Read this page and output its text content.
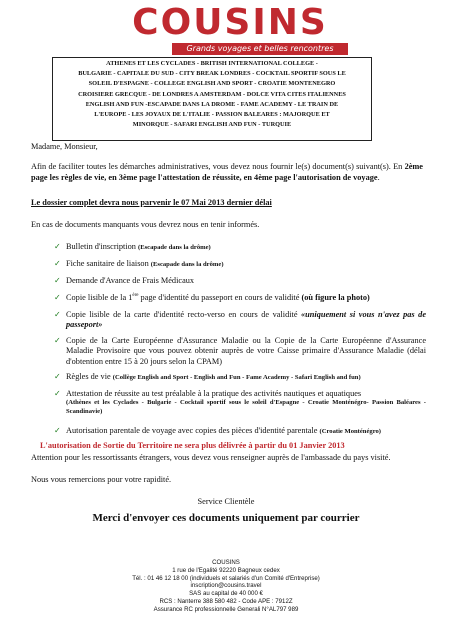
COUSINS
Grands voyages et belles rencontres
ATHENES ET LES CYCLADES - BRITISH INTERNATIONAL COLLEGE -
BULGARIE - CAPITALE DU SUD - CITY BREAK LONDRES - COCKTAIL SPORTIF SOUS LE
SOLEIL D'ESPAGNE - COLLEGE ENGLISH AND SPORT - CROATIE MONTENEGRO
CROISIERE GRECQUE - DE LONDRES A AMSTERDAM - DOLCE VITA CITES ITALIENNES
ENGLISH AND FUN -ESCAPADE DANS LA DROME - FAME ACADEMY - LE TRAIN DE
L'EUROPE - LES JOYAUX DE L'ITALIE - PASSION BALEARES : MAJORQUE ET
MINORQUE - SAFARI ENGLISH AND FUN - TURQUIE
Madame, Monsieur,
Afin de faciliter toutes les démarches administratives, vous devez nous fournir le(s) document(s) suivant(s). En 2ème page les règles de vie, en 3ème page l'attestation de réussite, en 4ème page l'autorisation de voyage.
Le dossier complet devra nous parvenir le 07 Mai 2013 dernier délai
En cas de documents manquants vous devrez nous en tenir informés.
✓ Bulletin d'inscription (Escapade dans la drôme)
✓ Fiche sanitaire de liaison (Escapade dans la drôme)
✓ Demande d'Avance de Frais Médicaux
✓ Copie lisible de la 1ère page d'identité du passeport en cours de validité (où figure la photo)
✓ Copie lisible de la carte d'identité recto-verso en cours de validité «uniquement si vous n'avez pas de passeport»
✓ Copie de la Carte Européenne d'Assurance Maladie ou la Copie de la Carte Européenne d'Assurance Maladie Provisoire que vous pouvez obtenir auprès de votre Caisse primaire d'Assurance Maladie (délai d'obtention entre 15 à 20 jours selon la CPAM)
✓ Règles de vie (Collège English and Sport - English and Fun - Fame Academy - Safari English and fun)
✓ Attestation de réussite au test préalable à la pratique des activités nautiques et aquatiques
(Athènes et les Cyclades - Bulgarie - Cocktail sportif sous le soleil d'Espagne - Croatie Monténégro- Passion Baléares - Scandinavie)
✓ Autorisation parentale de voyage avec copies des pièces d'identité parentale (Croatie Monténégro)
L'autorisation de Sortie du Territoire ne sera plus délivrée à partir du 01 Janvier 2013
Attention pour les ressortissants étrangers, vous devez vous renseigner auprès de l'ambassade du pays visité.
Nous vous remercions pour votre rapidité.
Service Clientèle
Merci d'envoyer ces documents uniquement par courrier
COUSINS
1 rue de l'Egalité 92220 Bagneux cedex
Tél. : 01 46 12 18 00 (individuels et salariés d'un Comité d'Entreprise)
inscription@cousins.travel
SAS au capital de 40 000 €
RCS : Nanterre 388 580 482 - Code APE : 7912Z
Assurance RC professionnelle Generali N°AL797 989
